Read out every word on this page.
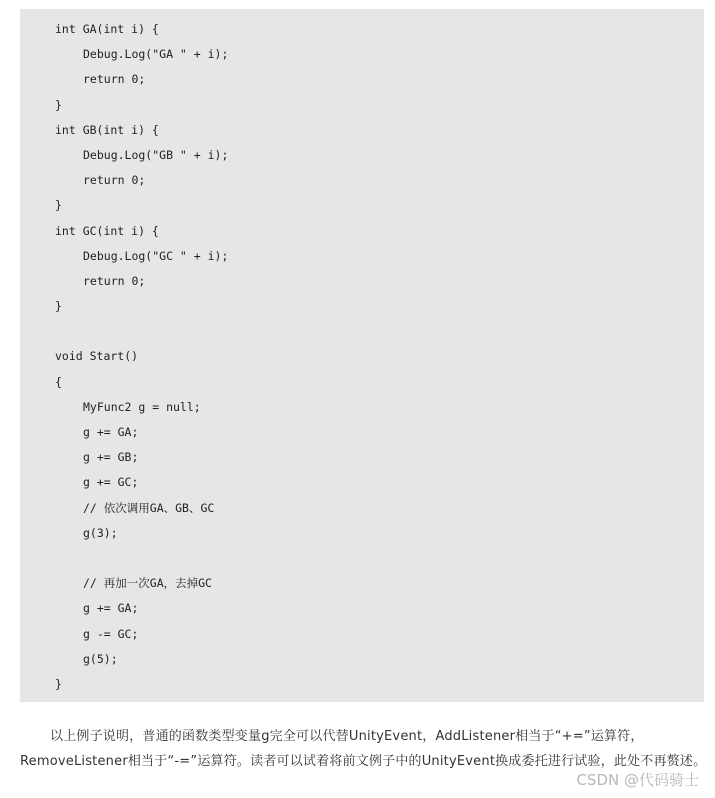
int GA(int i) {
Debug.Log("GA " + i);
return 0;
}
int GB(int i) {
Debug.Log("GB " + i);
return 0;
}
int GC(int i) {
Debug.Log("GC " + i);
return 0;
}
void Start()
{
MyFunc2 g = null;
g += GA;
g += GB;
g += GC;
// 依次调用GA、GB、GC
g(3);
// 再加一次GA，去掉GC
g += GA;
g -= GC;
g(5);
}

以上例子说明，普通的函数类型变量g完全可以代替UnityEvent，AddListener相当于“+=”运算符，RemoveListener相当于“-=”运算符。读者可以试着将前文例子中的UnityEvent换成委托进行试验，此处不再赘述。

CSDN @代码骑士
